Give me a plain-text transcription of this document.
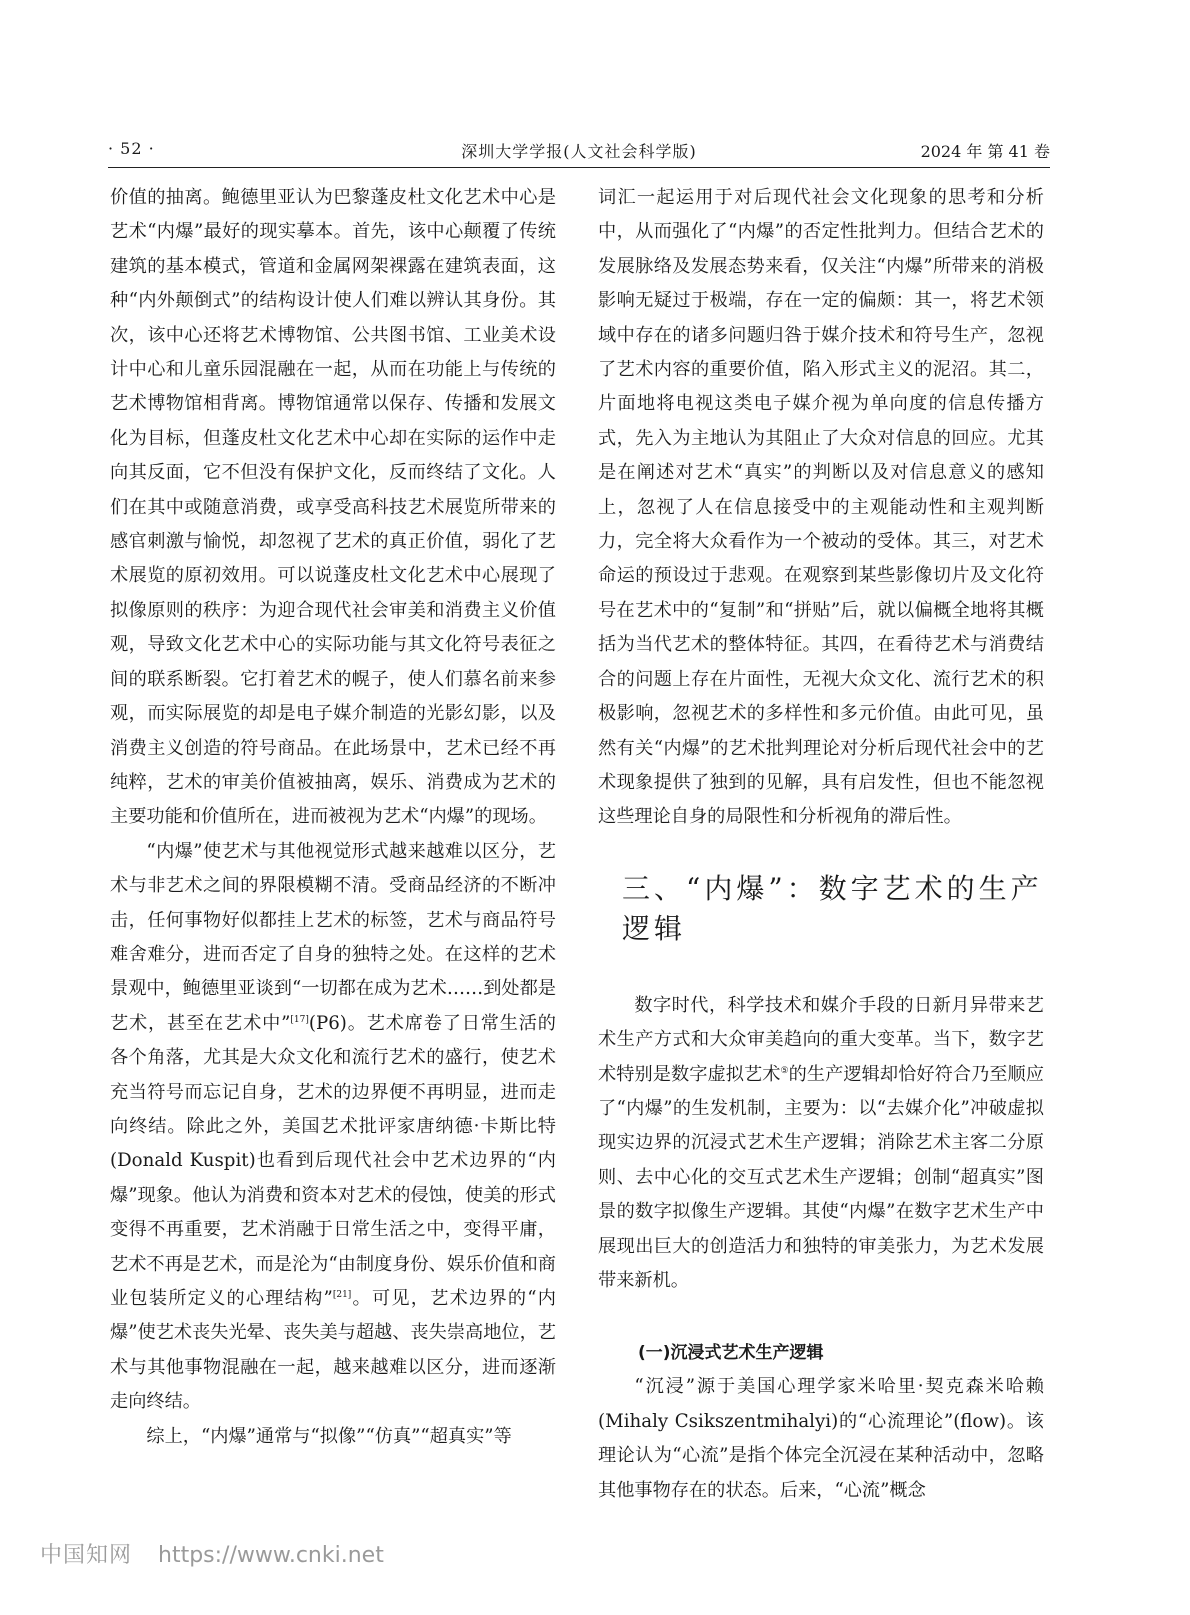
· 52 ·	深圳大学学报(人文社会科学版)	2024 年 第 41 卷

价值的抽离。鲍德里亚认为巴黎蓬皮杜文化艺术中心是艺术“内爆”最好的现实摹本。首先，该中心颠覆了传统建筑的基本模式，管道和金属网架裸露在建筑表面，这种“内外颠倒式”的结构设计使人们难以辨认其身份。其次，该中心还将艺术博物馆、公共图书馆、工业美术设计中心和儿童乐园混融在一起，从而在功能上与传统的艺术博物馆相背离。博物馆通常以保存、传播和发展文化为目标，但蓬皮杜文化艺术中心却在实际的运作中走向其反面，它不但没有保护文化，反而终结了文化。人们在其中或随意消费，或享受高科技艺术展览所带来的感官刺激与愉悦，却忽视了艺术的真正价值，弱化了艺术展览的原初效用。可以说蓬皮杜文化艺术中心展现了拟像原则的秩序：为迎合现代社会审美和消费主义价值观，导致文化艺术中心的实际功能与其文化符号表征之间的联系断裂。它打着艺术的幌子，使人们慕名前来参观，而实际展览的却是电子媒介制造的光影幻影，以及消费主义创造的符号商品。在此场景中，艺术已经不再纯粹，艺术的审美价值被抽离，娱乐、消费成为艺术的主要功能和价值所在，进而被视为艺术“内爆”的现场。

“内爆”使艺术与其他视觉形式越来越难以区分，艺术与非艺术之间的界限模糊不清。受商品经济的不断冲击，任何事物好似都挂上艺术的标签，艺术与商品符号难舍难分，进而否定了自身的独特之处。在这样的艺术景观中，鲍德里亚谈到“一切都在成为艺术……到处都是艺术，甚至在艺术中”[17](P6)。艺术席卷了日常生活的各个角落，尤其是大众文化和流行艺术的盛行，使艺术充当符号而忘记自身，艺术的边界便不再明显，进而走向终结。除此之外，美国艺术批评家唐纳德·卡斯比特(Donald Kuspit)也看到后现代社会中艺术边界的“内爆”现象。他认为消费和资本对艺术的侵蚀，使美的形式变得不再重要，艺术消融于日常生活之中，变得平庸，艺术不再是艺术，而是沦为“由制度身份、娱乐价值和商业包装所定义的心理结构”[21]。可见，艺术边界的“内爆”使艺术丧失光晕、丧失美与超越、丧失崇高地位，艺术与其他事物混融在一起，越来越难以区分，进而逐渐走向终结。

综上，“内爆”通常与“拟像”“仿真”“超真实”等

词汇一起运用于对后现代社会文化现象的思考和分析中，从而强化了“内爆”的否定性批判力。但结合艺术的发展脉络及发展态势来看，仅关注“内爆”所带来的消极影响无疑过于极端，存在一定的偏颇：其一，将艺术领域中存在的诸多问题归咎于媒介技术和符号生产，忽视了艺术内容的重要价值，陷入形式主义的泥沼。其二，片面地将电视这类电子媒介视为单向度的信息传播方式，先入为主地认为其阻止了大众对信息的回应。尤其是在阐述对艺术“真实”的判断以及对信息意义的感知上，忽视了人在信息接受中的主观能动性和主观判断力，完全将大众看作为一个被动的受体。其三，对艺术命运的预设过于悲观。在观察到某些影像切片及文化符号在艺术中的“复制”和“拼贴”后，就以偏概全地将其概括为当代艺术的整体特征。其四，在看待艺术与消费结合的问题上存在片面性，无视大众文化、流行艺术的积极影响，忽视艺术的多样性和多元价值。由此可见，虽然有关“内爆”的艺术批判理论对分析后现代社会中的艺术现象提供了独到的见解，具有启发性，但也不能忽视这些理论自身的局限性和分析视角的滞后性。

三、“内爆”：数字艺术的生产逻辑

数字时代，科学技术和媒介手段的日新月异带来艺术生产方式和大众审美趋向的重大变革。当下，数字艺术特别是数字虚拟艺术⑤的生产逻辑却恰好符合乃至顺应了“内爆”的生发机制，主要为：以“去媒介化”冲破虚拟现实边界的沉浸式艺术生产逻辑；消除艺术主客二分原则、去中心化的交互式艺术生产逻辑；创制“超真实”图景的数字拟像生产逻辑。其使“内爆”在数字艺术生产中展现出巨大的创造活力和独特的审美张力，为艺术发展带来新机。

(一)沉浸式艺术生产逻辑

“沉浸”源于美国心理学家米哈里·契克森米哈赖(Mihaly Csikszentmihalyi)的“心流理论”(flow)。该理论认为“心流”是指个体完全沉浸在某种活动中，忽略其他事物存在的状态。后来，“心流”概念

中国知网 https://www.cnki.net
